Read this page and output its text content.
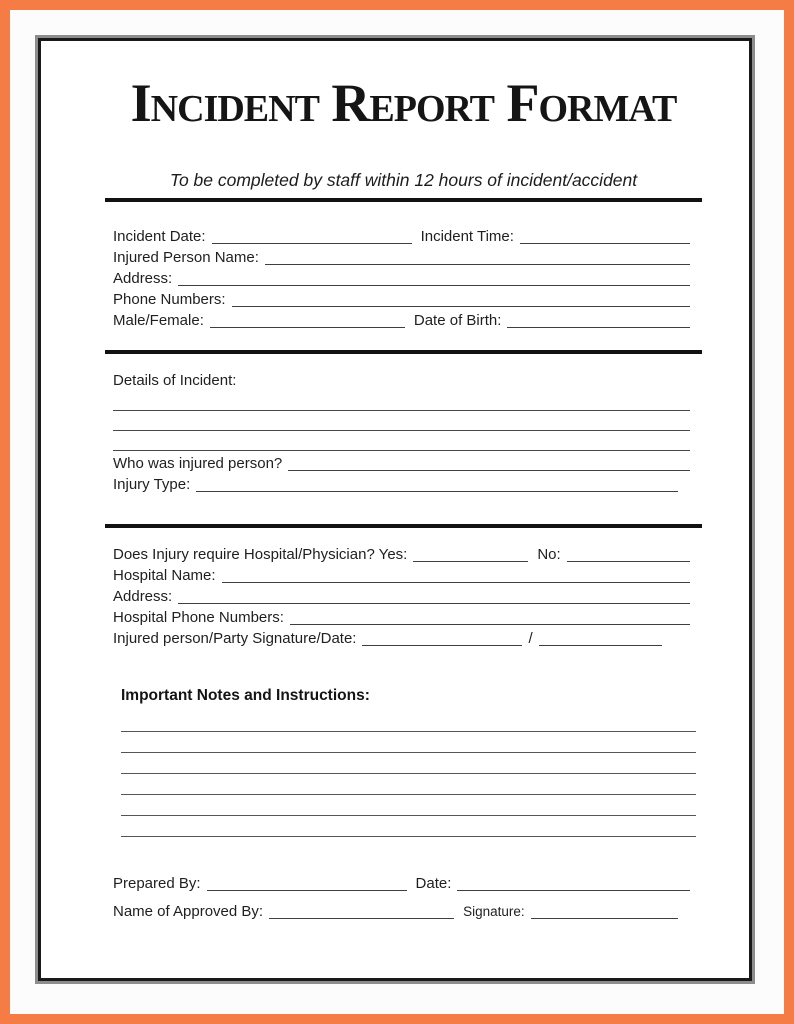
Incident Report Format
To be completed by staff within 12 hours of incident/accident
Incident Date:	Incident Time:
Injured Person Name:
Address:
Phone Numbers:
Male/Female:	Date of Birth:
Details of Incident:
Who was injured person?
Injury Type:
Does Injury require Hospital/Physician? Yes:	No:
Hospital Name:
Address:
Hospital Phone Numbers:
Injured person/Party Signature/Date:	/
Important Notes and Instructions:
Prepared By:	Date:
Name of Approved By:	Signature:
